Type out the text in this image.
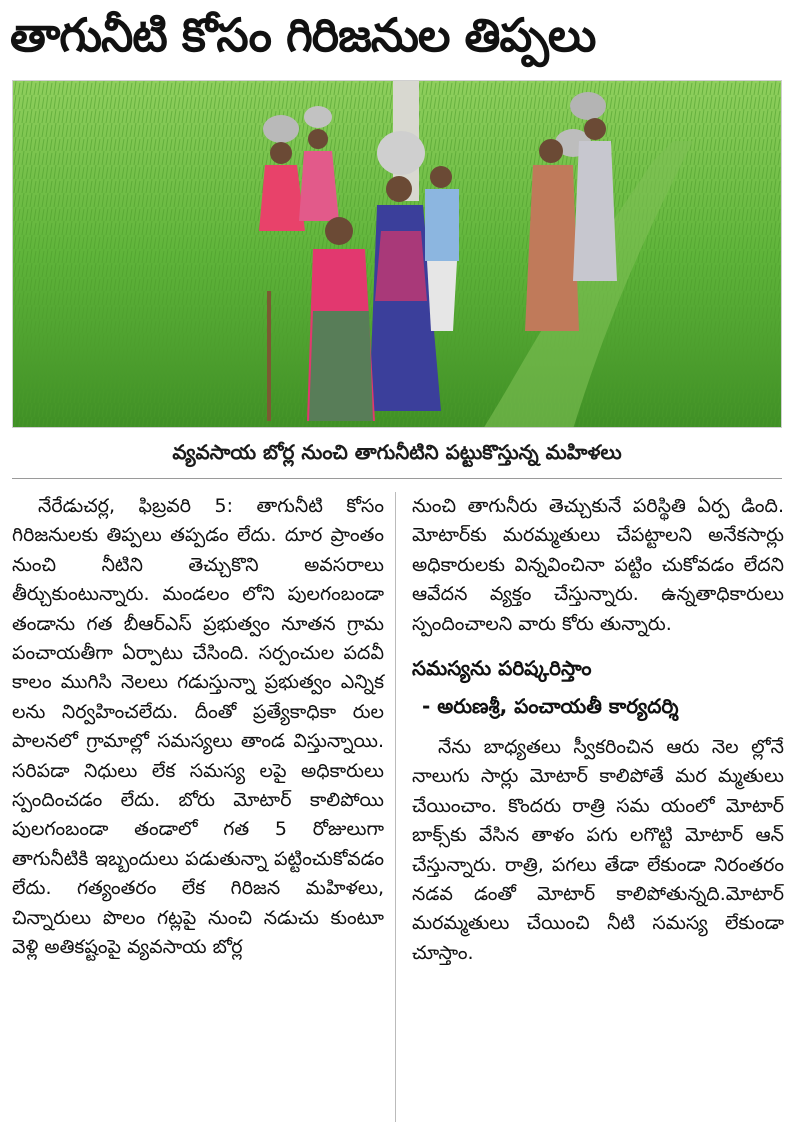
తాగునీటి కోసం గిరిజనుల తిప్పలు
వ్యవసాయ బోర్ల నుంచి తాగునీటిని పట్టుకొస్తున్న మహిళలు

నేరేడుచర్ల, ఫిబ్రవరి 5: తాగునీటి కోసం గిరిజనులకు తిప్పలు తప్పడం లేదు. దూర ప్రాంతం నుంచి నీటిని తెచ్చుకొని అవసరాలు తీర్చుకుంటున్నారు. మండలం లోని పులగంబండా తండాను గత బీఆర్ఎస్ ప్రభుత్వం నూతన గ్రామ పంచాయతీగా ఏర్పాటు చేసింది. సర్పంచుల పదవీ కాలం ముగిసి నెలలు గడుస్తున్నా ప్రభుత్వం ఎన్నిక లను నిర్వహించలేదు. దీంతో ప్రత్యేకాధికా రుల పాలనలో గ్రామాల్లో సమస్యలు తాండ విస్తున్నాయి. సరిపడా నిధులు లేక సమస్య లపై అధికారులు స్పందించడం లేదు. బోరు మోటార్ కాలిపోయి పులగంబండా తండాలో గత 5 రోజులుగా తాగునీటికి ఇబ్బందులు పడుతున్నా పట్టించుకోవడం లేదు. గత్యంతరం లేక గిరిజన మహిళలు, చిన్నారులు పొలం గట్లపై నుంచి నడుచు కుంటూ వెళ్లి అతికష్టంపై వ్యవసాయ బోర్ల

నుంచి తాగునీరు తెచ్చుకునే పరిస్థితి ఏర్ప డింది. మోటార్‌కు మరమ్మతులు చేపట్టాలని అనేకసార్లు అధికారులకు విన్నవించినా పట్టిం చుకోవడం లేదని ఆవేదన వ్యక్తం చేస్తున్నారు. ఉన్నతాధికారులు స్పందించాలని వారు కోరు తున్నారు.

సమస్యను పరిష్కరిస్తాం
- అరుణశ్రీ, పంచాయతీ కార్యదర్శి

నేను బాధ్యతలు స్వీకరించిన ఆరు నెల ల్లోనే నాలుగు సార్లు మోటార్ కాలిపోతే మర మ్మతులు చేయించాం. కొందరు రాత్రి సమ యంలో మోటార్ బాక్స్‌కు వేసిన తాళం పగు లగొట్టి మోటార్ ఆన్ చేస్తున్నారు. రాత్రి, పగలు తేడా లేకుండా నిరంతరం నడవ డంతో మోటార్ కాలిపోతున్నది.మోటార్ మరమ్మతులు చేయించి నీటి సమస్య లేకుండా చూస్తాం.
